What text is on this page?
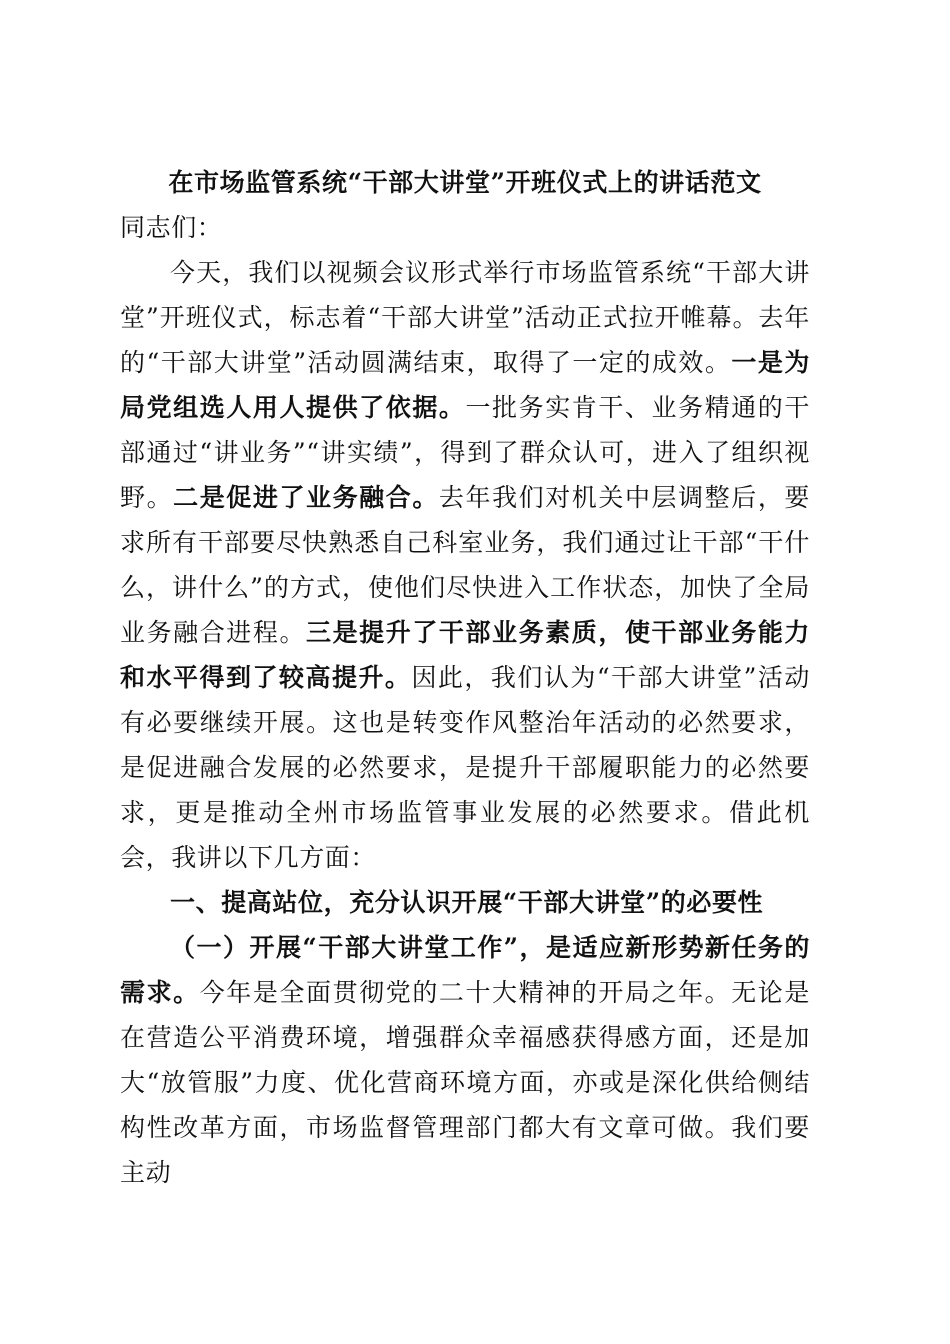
在市场监管系统“干部大讲堂”开班仪式上的讲话范文

同志们：

今天，我们以视频会议形式举行市场监管系统“干部大讲堂”开班仪式，标志着“干部大讲堂”活动正式拉开帷幕。去年的“干部大讲堂”活动圆满结束，取得了一定的成效。一是为局党组选人用人提供了依据。一批务实肯干、业务精通的干部通过“讲业务”“讲实绩”，得到了群众认可，进入了组织视野。二是促进了业务融合。去年我们对机关中层调整后，要求所有干部要尽快熟悉自己科室业务，我们通过让干部“干什么，讲什么”的方式，使他们尽快进入工作状态，加快了全局业务融合进程。三是提升了干部业务素质，使干部业务能力和水平得到了较高提升。因此，我们认为“干部大讲堂”活动有必要继续开展。这也是转变作风整治年活动的必然要求，是促进融合发展的必然要求，是提升干部履职能力的必然要求，更是推动全州市场监管事业发展的必然要求。借此机会，我讲以下几方面：

一、提高站位，充分认识开展“干部大讲堂”的必要性

（一）开展“干部大讲堂工作”，是适应新形势新任务的需求。今年是全面贯彻党的二十大精神的开局之年。无论是在营造公平消费环境，增强群众幸福感获得感方面，还是加大“放管服”力度、优化营商环境方面，亦或是深化供给侧结构性改革方面，市场监督管理部门都大有文章可做。我们要主动
